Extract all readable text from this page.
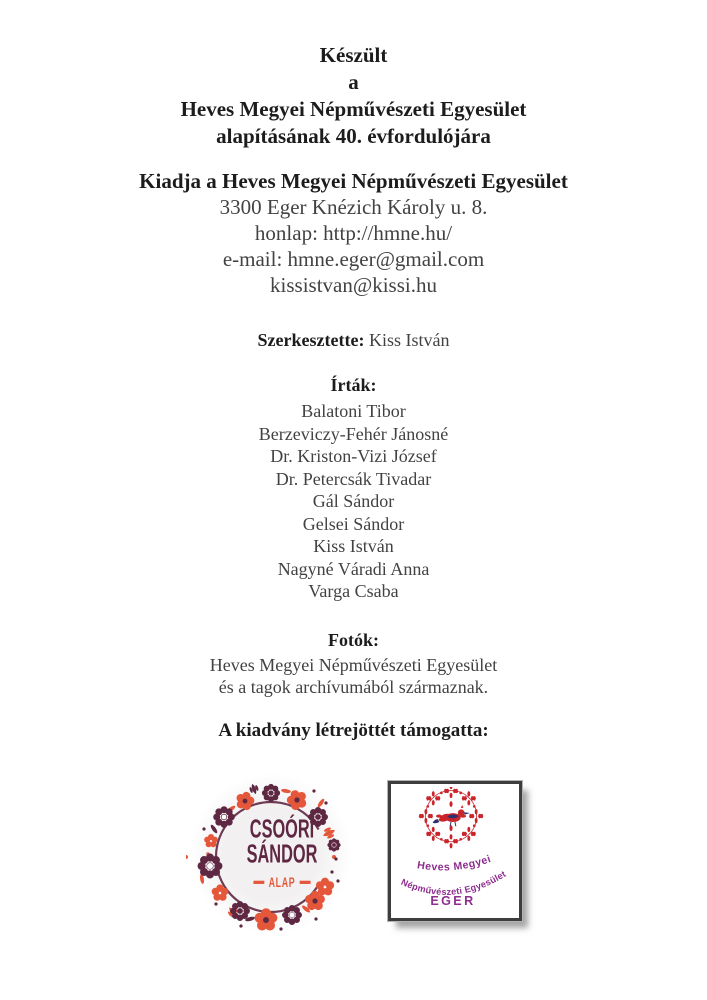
Készült
a
Heves Megyei Népművészeti Egyesület
alapításának 40. évfordulójára
Kiadja a Heves Megyei Népművészeti Egyesület
3300 Eger Knézich Károly u. 8.
honlap: http://hmne.hu/
e-mail: hmne.eger@gmail.com
kissistvan@kissi.hu
Szerkesztette: Kiss István
Írták:
Balatoni Tibor
Berzeviczy-Fehér Jánosné
Dr. Kriston-Vizi József
Dr. Petercsák Tivadar
Gál Sándor
Gelsei Sándor
Kiss István
Nagyné Váradi Anna
Varga Csaba
Fotók:
Heves Megyei Népművészeti Egyesület
és a tagok archívumából származnak.
A kiadvány létrejöttét támogatta:
CSOÓRI
SÁNDOR
ALAP
Heves Megyei
Népművészeti Egyesület
EGER
